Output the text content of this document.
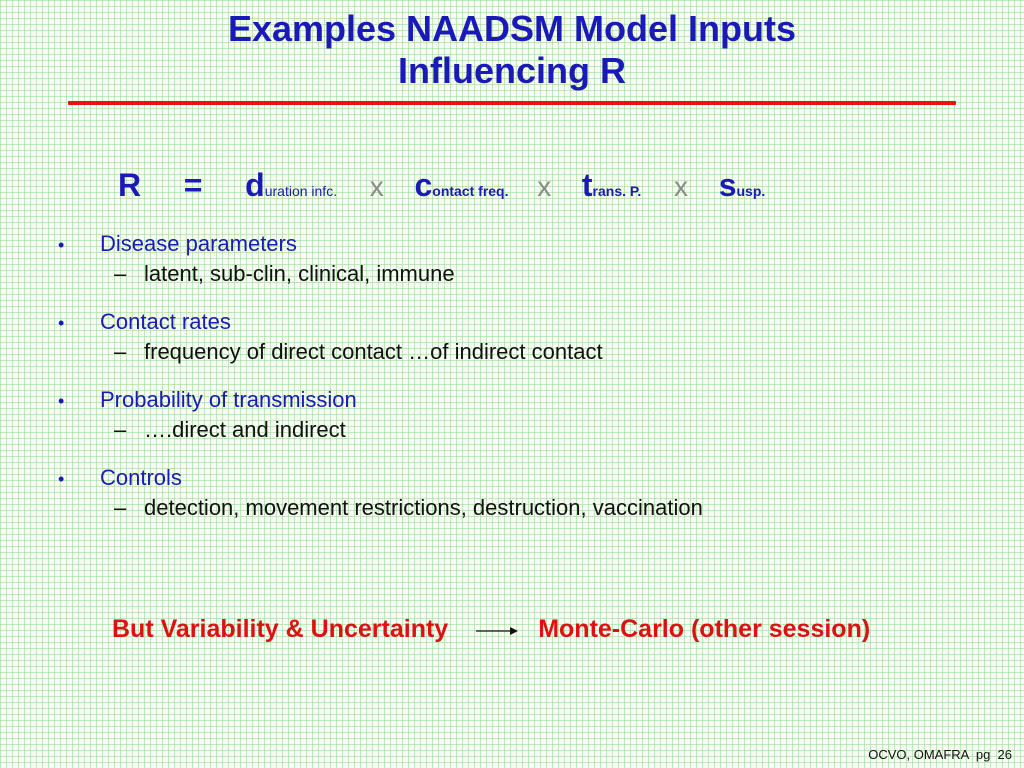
Examples NAADSM Model Inputs
Influencing R
R = duration infc. x contact freq. x trans. P. x susp.
•	Disease parameters
– latent, sub-clin, clinical, immune
•	Contact rates
– frequency of direct contact …of indirect contact
•	Probability of transmission
– ….direct and indirect
•	Controls
– detection, movement restrictions, destruction, vaccination
But Variability & Uncertainty	Monte-Carlo (other session)
OCVO, OMAFRA  pg  26
